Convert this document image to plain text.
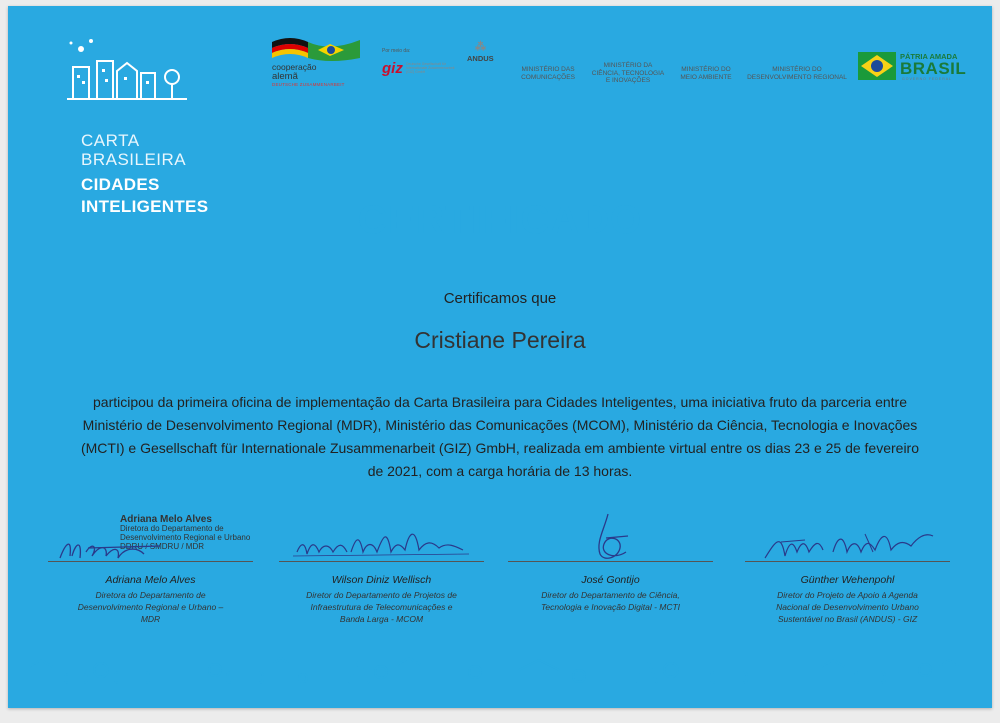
CARTA
BRASILEIRA
CIDADES
INTELIGENTES
cooperação
alemã
DEUTSCHE ZUSAMMENARBEIT
Por meio da:
giz Deutsche Gesellschaft für Internationale Zusammenarbeit (GIZ) GmbH
⁂
ANDUS
MINISTÉRIO DAS
COMUNICAÇÕES
MINISTÉRIO DA
CIÊNCIA, TECNOLOGIA
E INOVAÇÕES
MINISTÉRIO DO
MEIO AMBIENTE
MINISTÉRIO DO
DESENVOLVIMENTO REGIONAL
PÁTRIA AMADA
BRASIL
GOVERNO FEDERAL
CERTIFICADO
Certificamos que
Cristiane Pereira
participou da primeira oficina de implementação da Carta Brasileira para Cidades Inteligentes, uma iniciativa fruto da parceria entre Ministério de Desenvolvimento Regional (MDR), Ministério das Comunicações (MCOM), Ministério da Ciência, Tecnologia e Inovações (MCTI) e Gesellschaft für Internationale Zusammenarbeit (GIZ) GmbH, realizada em ambiente virtual entre os dias 23 e 25 de fevereiro de 2021, com a carga horária de 13 horas.
Adriana Melo Alves
Diretora do Departamento de
Desenvolvimento Regional e Urbano
DDRU / SMDRU / MDR
Adriana Melo Alves
Diretora do Departamento de
Desenvolvimento Regional e Urbano –
MDR
Wilson Diniz Wellisch
Diretor do Departamento de Projetos de
Infraestrutura de Telecomunicações e
Banda Larga - MCOM
José Gontijo
Diretor do Departamento de Ciência,
Tecnologia e Inovação Digital - MCTI
Günther Wehenpohl
Diretor do Projeto de Apoio à Agenda
Nacional de Desenvolvimento Urbano
Sustentável no Brasil (ANDUS) - GIZ
